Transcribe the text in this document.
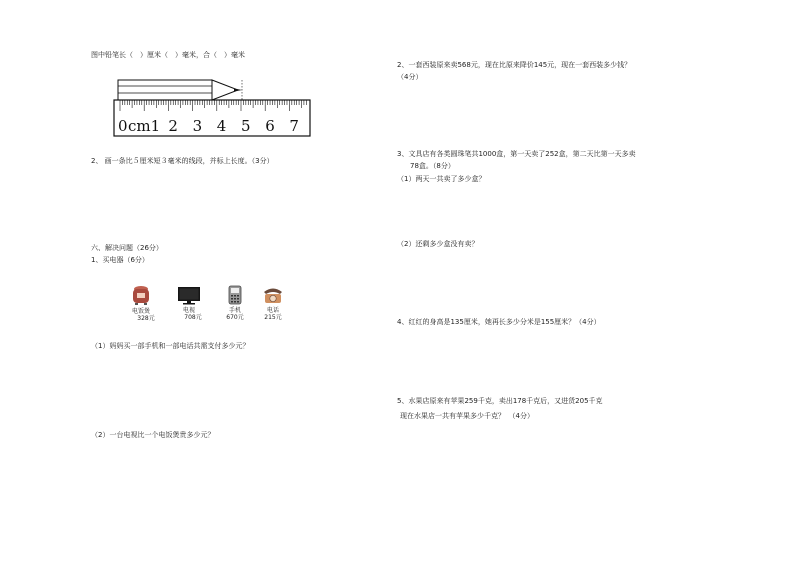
图中铅笔长（　）厘米（　）毫米，合（　）毫米
0 cm1 2 3 4 5 6 7
2、 画一条比５厘米短３毫米的线段，并标上长度。（3分）
六、解决问题（26分）
1、买电器（6分）
电饭煲
328元
电视
708元
手机
670元
电话
215元
（1）妈妈买一部手机和一部电话共需支付多少元？
（2）一台电视比一个电饭煲贵多少元？
2、一套西装原来卖568元，现在比原来降价145元，现在一套西装多少钱？
（4分）
3、文具店有各类圆珠笔共1000盒，第一天卖了252盒，第二天比第一天多卖
78盒。（8分）
（1）两天一共卖了多少盒？
（2）还剩多少盒没有卖？
4、红红的身高是135厘米，她再长多少分米是155厘米？（4分）
5、水果店原来有苹果259千克，卖出178千克后，又进货205千克
现在水果店一共有苹果多少千克？　（4分）
